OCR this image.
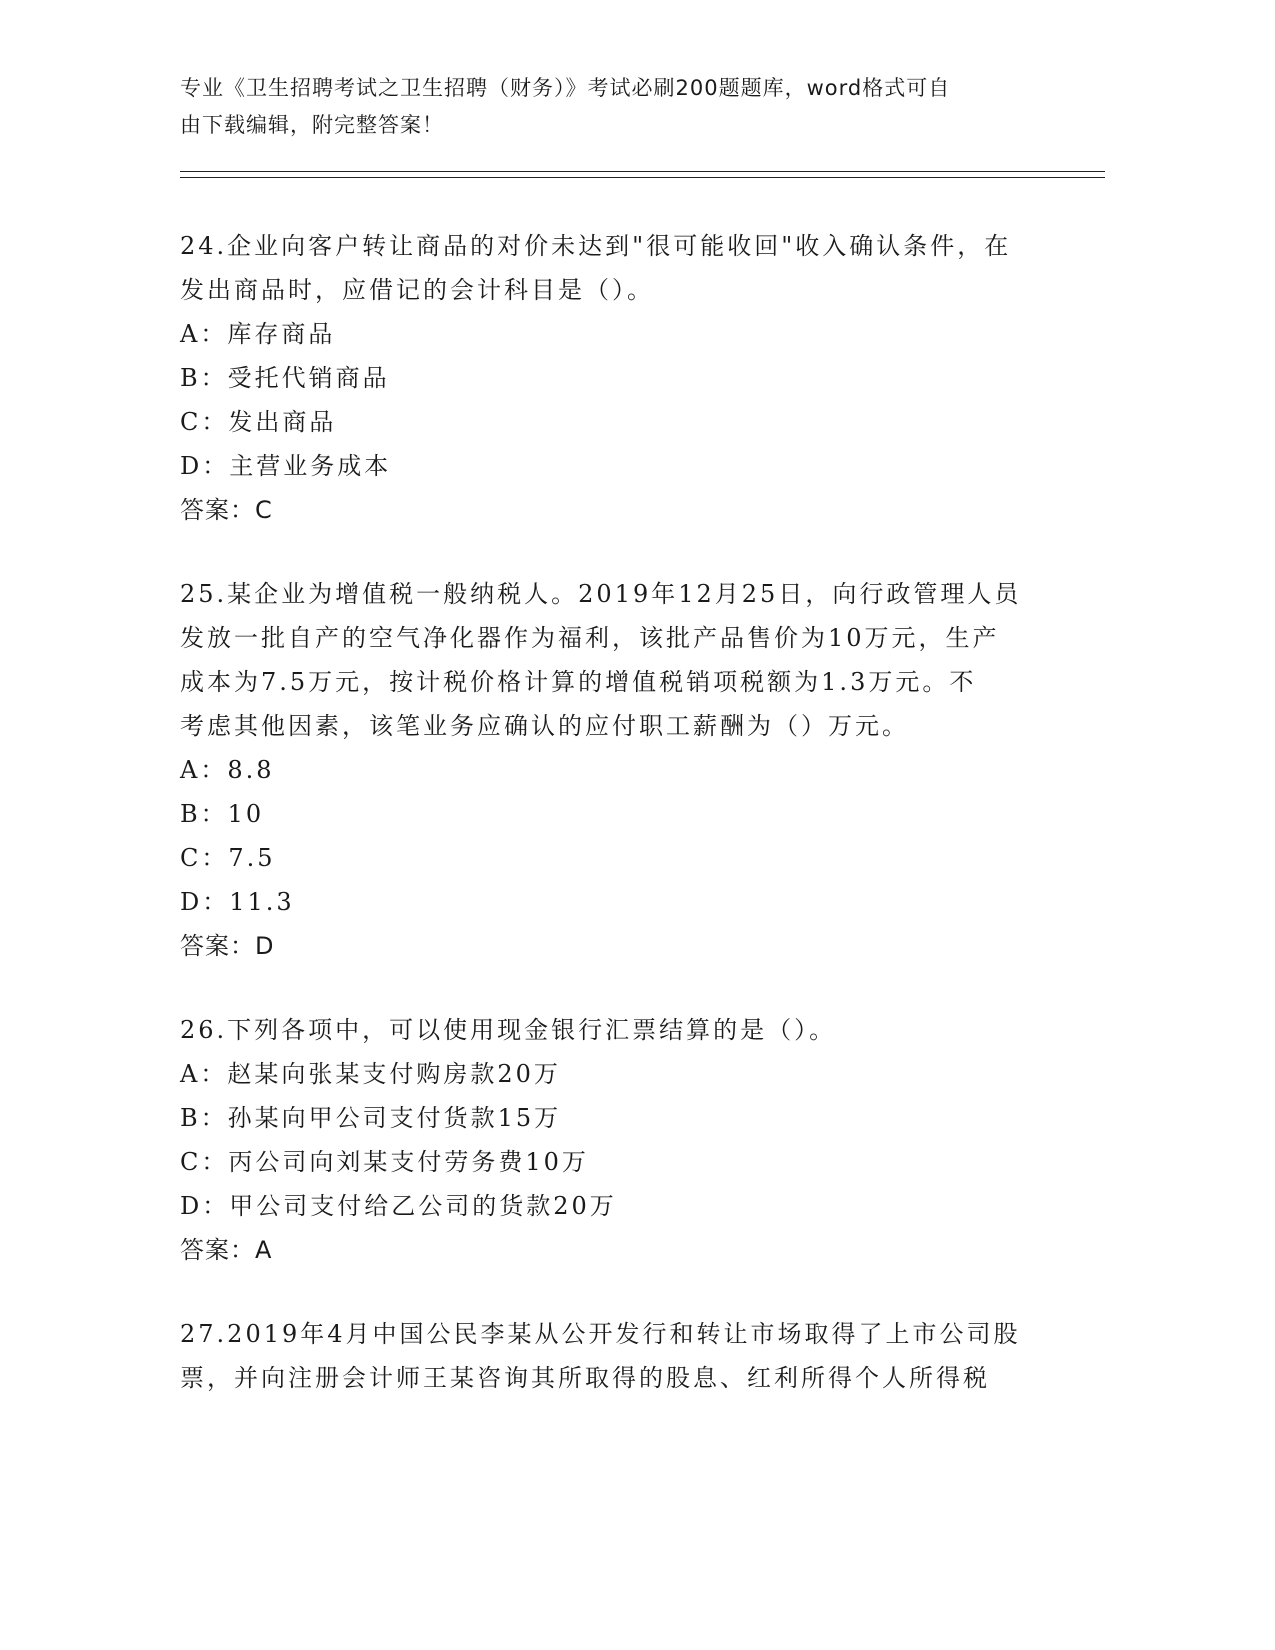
专业《卫生招聘考试之卫生招聘（财务）》考试必刷200题题库，word格式可自
由下载编辑，附完整答案！

24.企业向客户转让商品的对价未达到"很可能收回"收入确认条件，在

发出商品时，应借记的会计科目是（）。

A：库存商品

B：受托代销商品

C：发出商品

D：主营业务成本

答案：C

25.某企业为增值税一般纳税人。2019年12月25日，向行政管理人员

发放一批自产的空气净化器作为福利，该批产品售价为10万元，生产

成本为7.5万元，按计税价格计算的增值税销项税额为1.3万元。不

考虑其他因素，该笔业务应确认的应付职工薪酬为（）万元。

A：8.8

B：10

C：7.5

D：11.3

答案：D

26.下列各项中，可以使用现金银行汇票结算的是（）。

A：赵某向张某支付购房款20万

B：孙某向甲公司支付货款15万

C：丙公司向刘某支付劳务费10万

D：甲公司支付给乙公司的货款20万

答案：A

27.2019年4月中国公民李某从公开发行和转让市场取得了上市公司股

票，并向注册会计师王某咨询其所取得的股息、红利所得个人所得税
